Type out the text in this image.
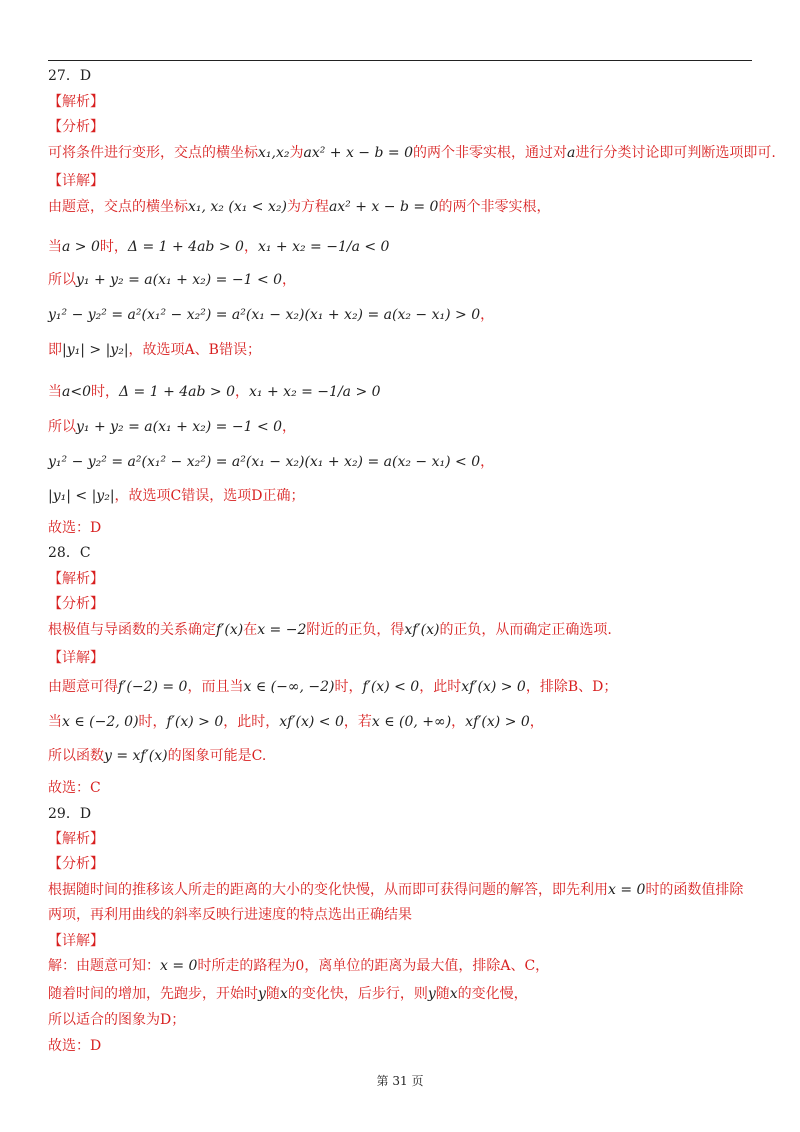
27．D
【解析】
【分析】
可将条件进行变形，交点的横坐标x₁,x₂为ax² + x − b = 0的两个非零实根，通过对a进行分类讨论即可判断选项即可.
【详解】
由题意，交点的横坐标x₁, x₂ (x₁ < x₂)为方程ax² + x − b = 0的两个非零实根，
当a > 0时，Δ = 1 + 4ab > 0，x₁ + x₂ = −1/a < 0
所以y₁ + y₂ = a(x₁ + x₂) = −1 < 0，
y₁² − y₂² = a²(x₁² − x₂²) = a²(x₁ − x₂)(x₁ + x₂) = a(x₂ − x₁) > 0，
即|y₁| > |y₂|，故选项A、B错误；
当a<0时，Δ = 1 + 4ab > 0，x₁ + x₂ = −1/a > 0
所以y₁ + y₂ = a(x₁ + x₂) = −1 < 0，
y₁² − y₂² = a²(x₁² − x₂²) = a²(x₁ − x₂)(x₁ + x₂) = a(x₂ − x₁) < 0，
|y₁| < |y₂|，故选项C错误，选项D正确；
故选：D
28．C
【解析】
【分析】
根极值与导函数的关系确定f′(x)在x = −2附近的正负，得xf′(x)的正负，从而确定正确选项.
【详解】
由题意可得f′(−2) = 0，而且当x ∈ (−∞, −2)时，f′(x) < 0，此时xf′(x) > 0，排除B、D；
当x ∈ (−2, 0)时，f′(x) > 0，此时，xf′(x) < 0，若x ∈ (0, +∞)，xf′(x) > 0，
所以函数y = xf′(x)的图象可能是C.
故选：C
29．D
【解析】
【分析】
根据随时间的推移该人所走的距离的大小的变化快慢，从而即可获得问题的解答，即先利用x = 0时的函数值排除
两项，再利用曲线的斜率反映行进速度的特点选出正确结果
【详解】
解：由题意可知：x = 0时所走的路程为0，离单位的距离为最大值，排除A、C，
随着时间的增加，先跑步，开始时y随x的变化快，后步行，则y随x的变化慢，
所以适合的图象为D；
故选：D
第 31 页
